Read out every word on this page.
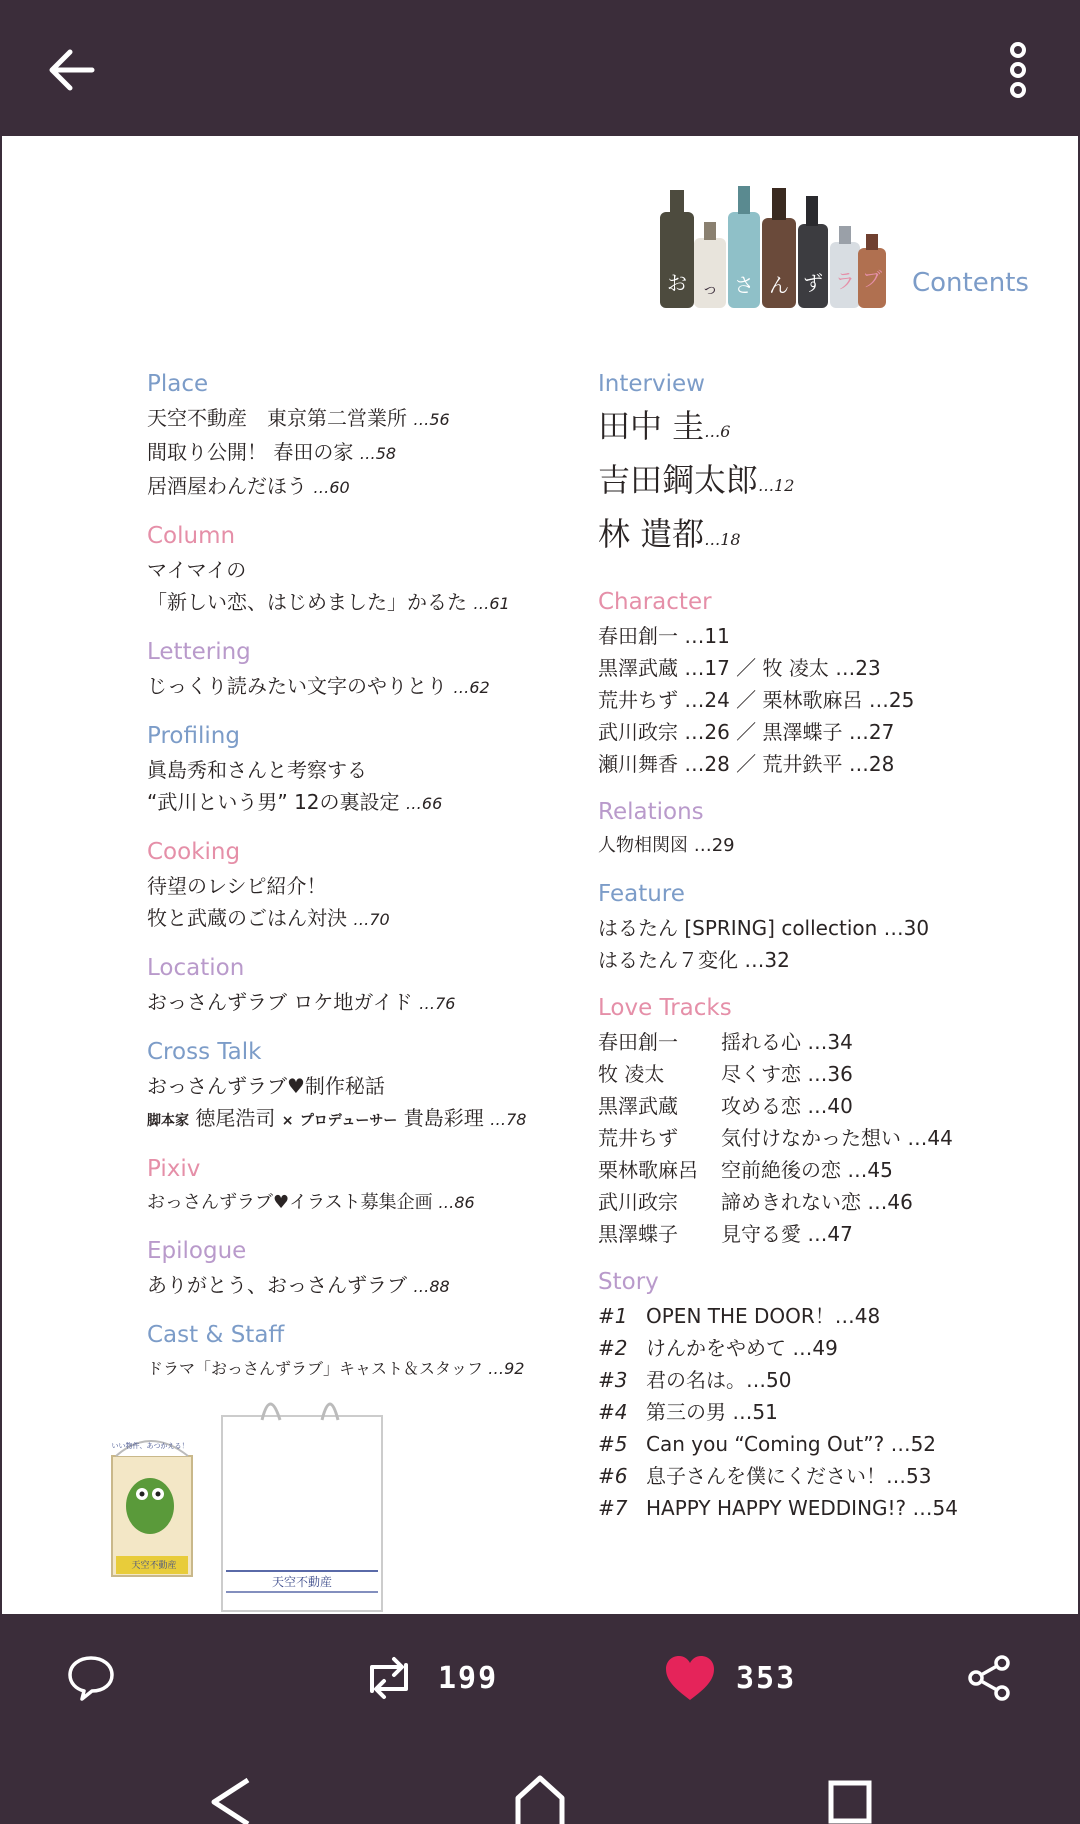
お っ さ ん ず ラ ブ Contents
Place
天空不動産　東京第二営業所 …56
間取り公開！ 春田の家 …58
居酒屋わんだほう …60
Column
マイマイの
「新しい恋、はじめました」かるた …61
Lettering
じっくり読みたい文字のやりとり …62
Profiling
眞島秀和さんと考察する
“武川という男” 12の裏設定 …66
Cooking
待望のレシピ紹介！
牧と武蔵のごはん対決 …70
Location
おっさんずラブ ロケ地ガイド …76
Cross Talk
おっさんずラブ♥制作秘話
脚本家 徳尾浩司 × プロデューサー 貴島彩理 …78
Pixiv
おっさんずラブ♥イラスト募集企画 …86
Epilogue
ありがとう、おっさんずラブ …88
Cast & Staff
ドラマ「おっさんずラブ」キャスト＆スタッフ …92
Interview
田中 圭…6
吉田鋼太郎…12
林 遣都…18
Character
春田創一 …11
黒澤武蔵 …17 ／ 牧 凌太 …23
荒井ちず …24 ／ 栗林歌麻呂 …25
武川政宗 …26 ／ 黒澤蝶子 …27
瀬川舞香 …28 ／ 荒井鉄平 …28
Relations
人物相関図 …29
Feature
はるたん [SPRING] collection …30
はるたん７変化 …32
Love Tracks
春田創一	揺れる心 …34
牧 凌太	尽くす恋 …36
黒澤武蔵	攻める恋 …40
荒井ちず	気付けなかった想い …44
栗林歌麻呂	空前絶後の恋 …45
武川政宗	諦めきれない恋 …46
黒澤蝶子	見守る愛 …47
Story
#1 OPEN THE DOOR！…48
#2 けんかをやめて …49
#3 君の名は。…50
#4 第三の男 …51
#5 Can you “Coming Out”? …52
#6 息子さんを僕にください！…53
#7 HAPPY HAPPY WEDDING!? …54
いい物件、あつかえる！
天空不動産
天空不動産
199	353
